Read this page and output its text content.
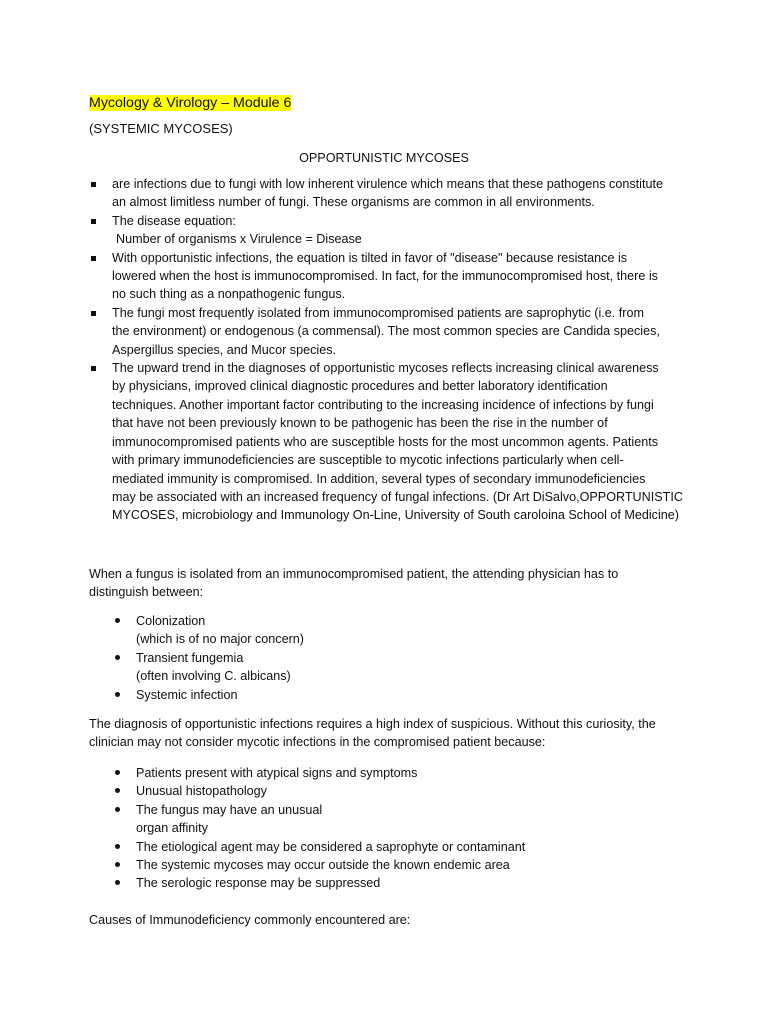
Mycology & Virology – Module 6
(SYSTEMIC MYCOSES)
OPPORTUNISTIC MYCOSES
are infections due to fungi with low inherent virulence which means that these pathogens constitute
an almost limitless number of fungi. These organisms are common in all environments.
The disease equation:
Number of organisms x Virulence = Disease
With opportunistic infections, the equation is tilted in favor of "disease" because resistance is
lowered when the host is immunocompromised. In fact, for the immunocompromised host, there is
no such thing as a nonpathogenic fungus.
The fungi most frequently isolated from immunocompromised patients are saprophytic (i.e. from
the environment) or endogenous (a commensal). The most common species are Candida species,
Aspergillus species, and Mucor species.
The upward trend in the diagnoses of opportunistic mycoses reflects increasing clinical awareness
by physicians, improved clinical diagnostic procedures and better laboratory identification
techniques. Another important factor contributing to the increasing incidence of infections by fungi
that have not been previously known to be pathogenic has been the rise in the number of
immunocompromised patients who are susceptible hosts for the most uncommon agents. Patients
with primary immunodeficiencies are susceptible to mycotic infections particularly when cell-
mediated immunity is compromised. In addition, several types of secondary immunodeficiencies
may be associated with an increased frequency of fungal infections. (Dr Art DiSalvo,OPPORTUNISTIC
MYCOSES, microbiology and Immunology On-Line, University of South caroloina School of Medicine)

When a fungus is isolated from an immunocompromised patient, the attending physician has to
distinguish between:

Colonization
(which is of no major concern)
Transient fungemia
(often involving C. albicans)
Systemic infection

The diagnosis of opportunistic infections requires a high index of suspicious. Without this curiosity, the
clinician may not consider mycotic infections in the compromised patient because:

Patients present with atypical signs and symptoms
Unusual histopathology
The fungus may have an unusual
organ affinity
The etiological agent may be considered a saprophyte or contaminant
The systemic mycoses may occur outside the known endemic area
The serologic response may be suppressed

Causes of Immunodeficiency commonly encountered are:
